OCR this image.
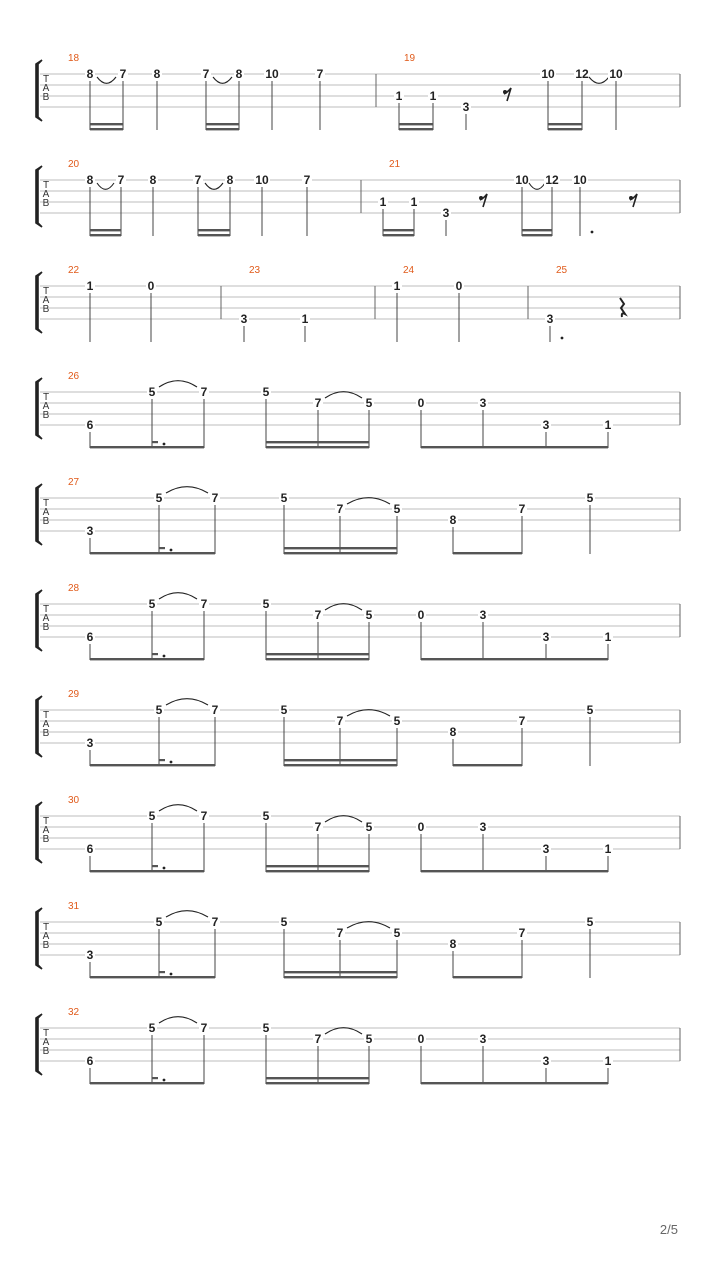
T
A
B
18
8 7 8	7 8 10	7
19
1 1
3
10 12 10
T
A
B
20
8 7 8	7 8 10	7
21
1 1
3
10 12 10
T
A
B
22
1	0
23
3	1
24
1	0
25
3
T
A
B
26
6
5	7	5
7	5	0	3
3	1
T
A
B
27
3
5	7	5
7	5
8
7
5
T
A
B
28
6
5	7	5
7	5	0	3
3	1
T
A
B
29
3
5	7	5
7	5
8
7
5
T
A
B
30
6
5	7	5
7	5	0	3
3	1
T
A
B
31
3
5	7	5
7	5
8
7
5
T
A
B
32
6
5	7	5
7	5	0	3
3	1
2/5
